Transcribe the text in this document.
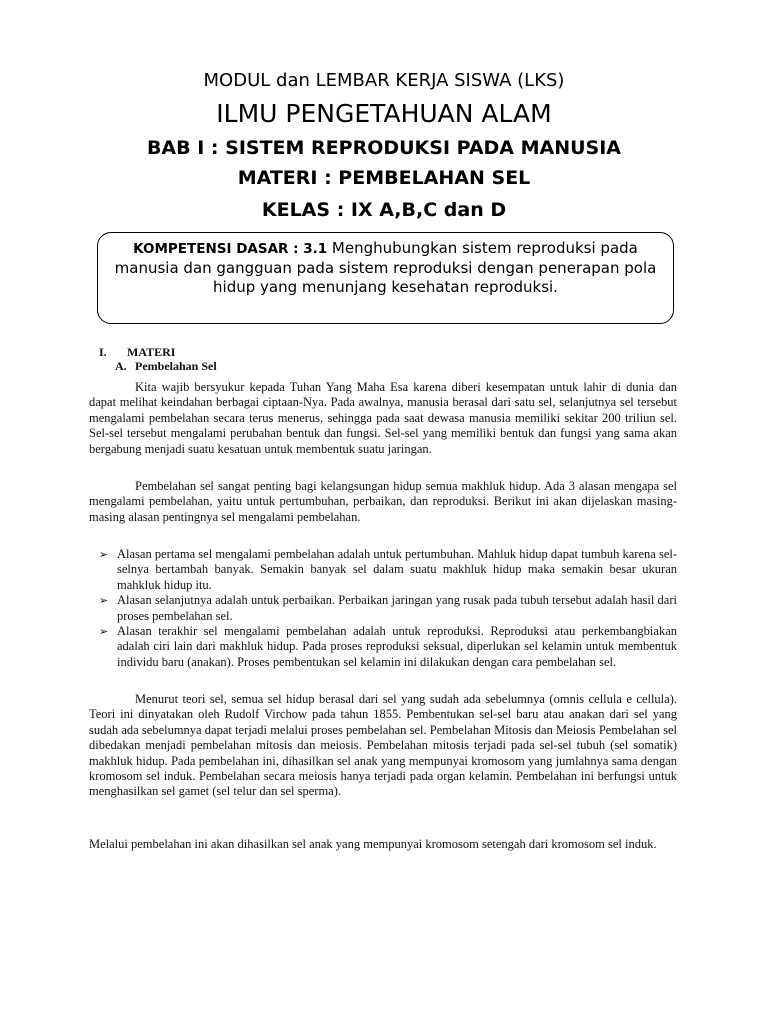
MODUL dan LEMBAR KERJA SISWA (LKS)
ILMU PENGETAHUAN ALAM
BAB I : SISTEM REPRODUKSI PADA MANUSIA
MATERI : PEMBELAHAN SEL
KELAS : IX A,B,C dan D
KOMPETENSI DASAR : 3.1 Menghubungkan sistem reproduksi pada manusia dan gangguan pada sistem reproduksi dengan penerapan pola hidup yang menunjang kesehatan reproduksi.
I. MATERI
A. Pembelahan Sel

Kita wajib bersyukur kepada Tuhan Yang Maha Esa karena diberi kesempatan untuk lahir di dunia dan dapat melihat keindahan berbagai ciptaan-Nya. Pada awalnya, manusia berasal dari satu sel, selanjutnya sel tersebut mengalami pembelahan secara terus menerus, sehingga pada saat dewasa manusia memiliki sekitar 200 triliun sel. Sel-sel tersebut mengalami perubahan bentuk dan fungsi. Sel-sel yang memiliki bentuk dan fungsi yang sama akan bergabung menjadi suatu kesatuan untuk membentuk suatu jaringan.

Pembelahan sel sangat penting bagi kelangsungan hidup semua makhluk hidup. Ada 3 alasan mengapa sel mengalami pembelahan, yaitu untuk pertumbuhan, perbaikan, dan reproduksi. Berikut ini akan dijelaskan masing-masing alasan pentingnya sel mengalami pembelahan.

➢ Alasan pertama sel mengalami pembelahan adalah untuk pertumbuhan. Mahluk hidup dapat tumbuh karena sel-selnya bertambah banyak. Semakin banyak sel dalam suatu makhluk hidup maka semakin besar ukuran mahkluk hidup itu.
➢ Alasan selanjutnya adalah untuk perbaikan. Perbaikan jaringan yang rusak pada tubuh tersebut adalah hasil dari proses pembelahan sel.
➢ Alasan terakhir sel mengalami pembelahan adalah untuk reproduksi. Reproduksi atau perkembangbiakan adalah ciri lain dari makhluk hidup. Pada proses reproduksi seksual, diperlukan sel kelamin untuk membentuk individu baru (anakan). Proses pembentukan sel kelamin ini dilakukan dengan cara pembelahan sel.

Menurut teori sel, semua sel hidup berasal dari sel yang sudah ada sebelumnya (omnis cellula e cellula). Teori ini dinyatakan oleh Rudolf Virchow pada tahun 1855. Pembentukan sel-sel baru atau anakan dari sel yang sudah ada sebelumnya dapat terjadi melalui proses pembelahan sel. Pembelahan Mitosis dan Meiosis Pembelahan sel dibedakan menjadi pembelahan mitosis dan meiosis. Pembelahan mitosis terjadi pada sel-sel tubuh (sel somatik) makhluk hidup. Pada pembelahan ini, dihasilkan sel anak yang mempunyai kromosom yang jumlahnya sama dengan kromosom sel induk. Pembelahan secara meiosis hanya terjadi pada organ kelamin. Pembelahan ini berfungsi untuk menghasilkan sel gamet (sel telur dan sel sperma).

Melalui pembelahan ini akan dihasilkan sel anak yang mempunyai kromosom setengah dari kromosom sel induk.
